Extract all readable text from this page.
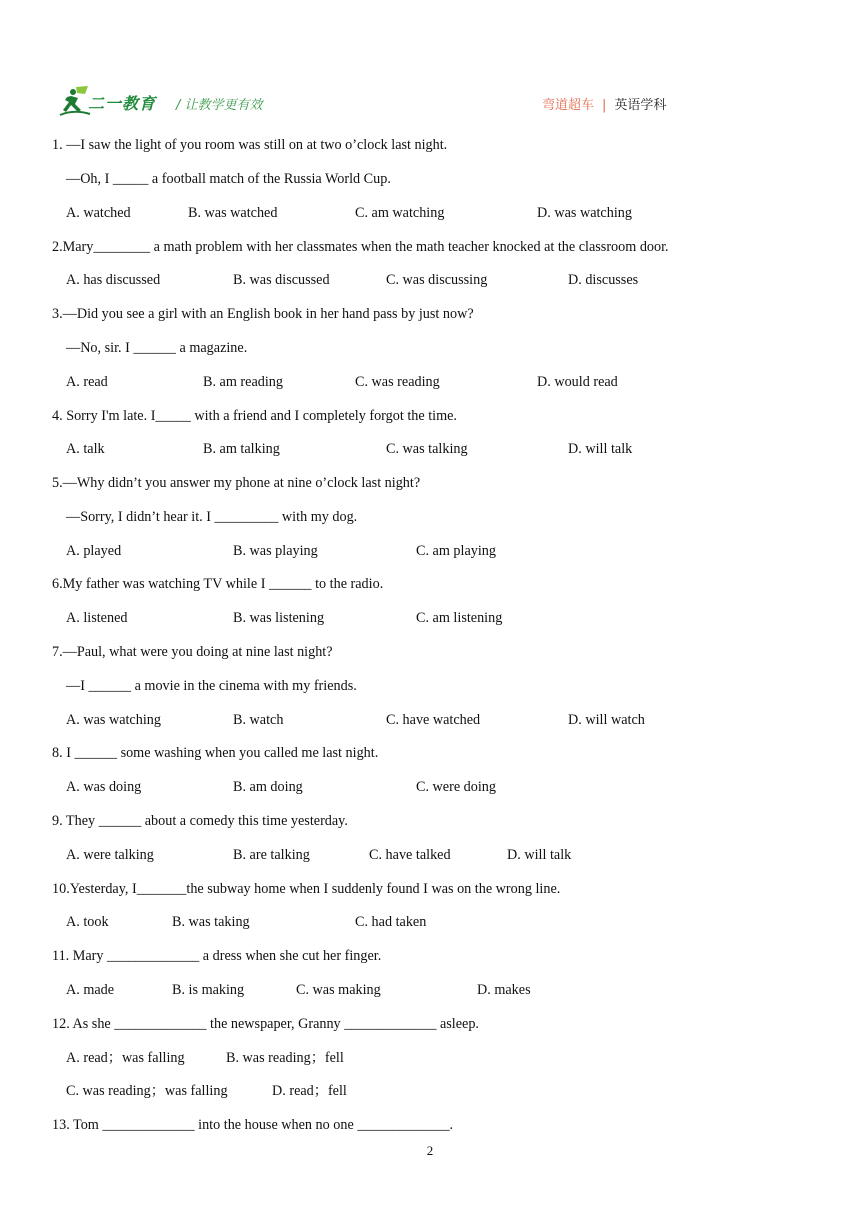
二一教育 / 让教学更有效	弯道超车 | 英语学科
1. —I saw the light of you room was still on at two o’clock last night.
—Oh, I _____ a football match of the Russia World Cup.
A. watched	B. was watched	C. am watching	D. was watching
2.Mary________ a math problem with her classmates when the math teacher knocked at the classroom door.
A. has discussed	B. was discussed	C. was discussing	D. discusses
3.—Did you see a girl with an English book in her hand pass by just now?
—No, sir. I ______ a magazine.
A. read	B. am reading	C. was reading	D. would read
4. Sorry I'm late. I_____ with a friend and I completely forgot the time.
A. talk	B. am talking	C. was talking	D. will talk
5.—Why didn’t you answer my phone at nine o’clock last night?
—Sorry, I didn’t hear it. I _________ with my dog.
A. played	B. was playing	C. am playing
6.My father was watching TV while I ______ to the radio.
A. listened	B. was listening	C. am listening
7.—Paul, what were you doing at nine last night?
—I ______ a movie in the cinema with my friends.
A. was watching	B. watch	C. have watched	D. will watch
8. I ______ some washing when you called me last night.
A. was doing	B. am doing	C. were doing
9. They ______ about a comedy this time yesterday.
A. were talking	B. are talking	C. have talked	D. will talk
10.Yesterday, I_______the subway home when I suddenly found I was on the wrong line.
A. took	B. was taking	C. had taken
11. Mary _____________ a dress when she cut her finger.
A. made	B. is making	C. was making	D. makes
12. As she _____________ the newspaper, Granny _____________ asleep.
A. read；was falling	B. was reading；fell
C. was reading；was falling	D. read；fell
13. Tom _____________ into the house when no one _____________.
2
